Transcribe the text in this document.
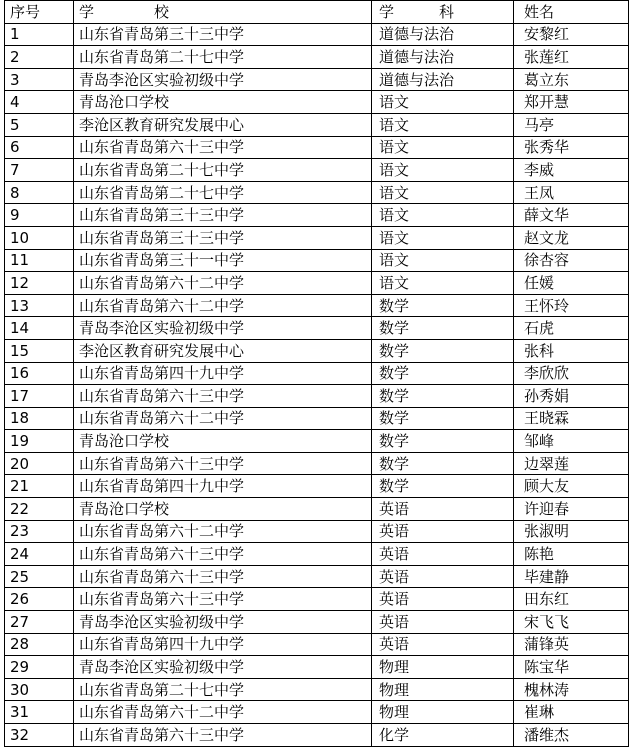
序号	学　　　　校	学　　　科	姓名
1	山东省青岛第三十三中学	道德与法治	安黎红
2	山东省青岛第二十七中学	道德与法治	张莲红
3	青岛李沧区实验初级中学	道德与法治	葛立东
4	青岛沧口学校	语文	郑开慧
5	李沧区教育研究发展中心	语文	马亭
6	山东省青岛第六十三中学	语文	张秀华
7	山东省青岛第二十七中学	语文	李威
8	山东省青岛第二十七中学	语文	王凤
9	山东省青岛第三十三中学	语文	薛文华
10	山东省青岛第三十三中学	语文	赵文龙
11	山东省青岛第三十一中学	语文	徐杏容
12	山东省青岛第六十二中学	语文	任媛
13	山东省青岛第六十二中学	数学	王怀玲
14	青岛李沧区实验初级中学	数学	石虎
15	李沧区教育研究发展中心	数学	张科
16	山东省青岛第四十九中学	数学	李欣欣
17	山东省青岛第六十三中学	数学	孙秀娟
18	山东省青岛第六十二中学	数学	王晓霖
19	青岛沧口学校	数学	邹峰
20	山东省青岛第六十三中学	数学	边翠莲
21	山东省青岛第四十九中学	数学	顾大友
22	青岛沧口学校	英语	许迎春
23	山东省青岛第六十二中学	英语	张淑明
24	山东省青岛第六十三中学	英语	陈艳
25	山东省青岛第六十三中学	英语	毕建静
26	山东省青岛第六十三中学	英语	田东红
27	青岛李沧区实验初级中学	英语	宋飞飞
28	山东省青岛第四十九中学	英语	蒲锋英
29	青岛李沧区实验初级中学	物理	陈宝华
30	山东省青岛第二十七中学	物理	槐林涛
31	山东省青岛第六十二中学	物理	崔琳
32	山东省青岛第六十三中学	化学	潘维杰
